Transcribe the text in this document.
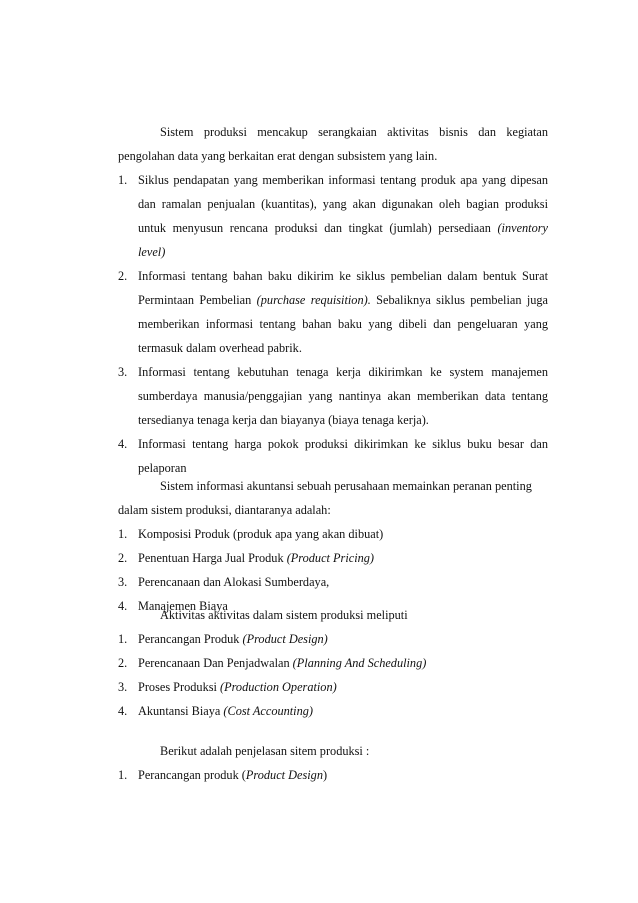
Sistem produksi mencakup serangkaian aktivitas bisnis dan kegiatan pengolahan data yang berkaitan erat dengan subsistem yang lain.

1. Siklus pendapatan yang memberikan informasi tentang produk apa yang dipesan dan ramalan penjualan (kuantitas), yang akan digunakan oleh bagian produksi untuk menyusun rencana produksi dan tingkat (jumlah) persediaan (inventory level)
2. Informasi tentang bahan baku dikirim ke siklus pembelian dalam bentuk Surat Permintaan Pembelian (purchase requisition). Sebaliknya siklus pembelian juga memberikan informasi tentang bahan baku yang dibeli dan pengeluaran yang termasuk dalam overhead pabrik.
3. Informasi tentang kebutuhan tenaga kerja dikirimkan ke system manajemen sumberdaya manusia/penggajian yang nantinya akan memberikan data tentang tersedianya tenaga kerja dan biayanya (biaya tenaga kerja).
4. Informasi tentang harga pokok produksi dikirimkan ke siklus buku besar dan pelaporan

Sistem informasi akuntansi sebuah perusahaan memainkan peranan penting dalam sistem produksi, diantaranya adalah:

1. Komposisi Produk (produk apa yang akan dibuat)
2. Penentuan Harga Jual Produk (Product Pricing)
3. Perencanaan dan Alokasi Sumberdaya,
4. Manajemen Biaya

Aktivitas aktivitas dalam sistem produksi meliputi

1. Perancangan Produk (Product Design)
2. Perencanaan Dan Penjadwalan (Planning And Scheduling)
3. Proses Produksi (Production Operation)
4. Akuntansi Biaya (Cost Accounting)

Berikut adalah penjelasan sitem produksi :

1. Perancangan produk (Product Design)
